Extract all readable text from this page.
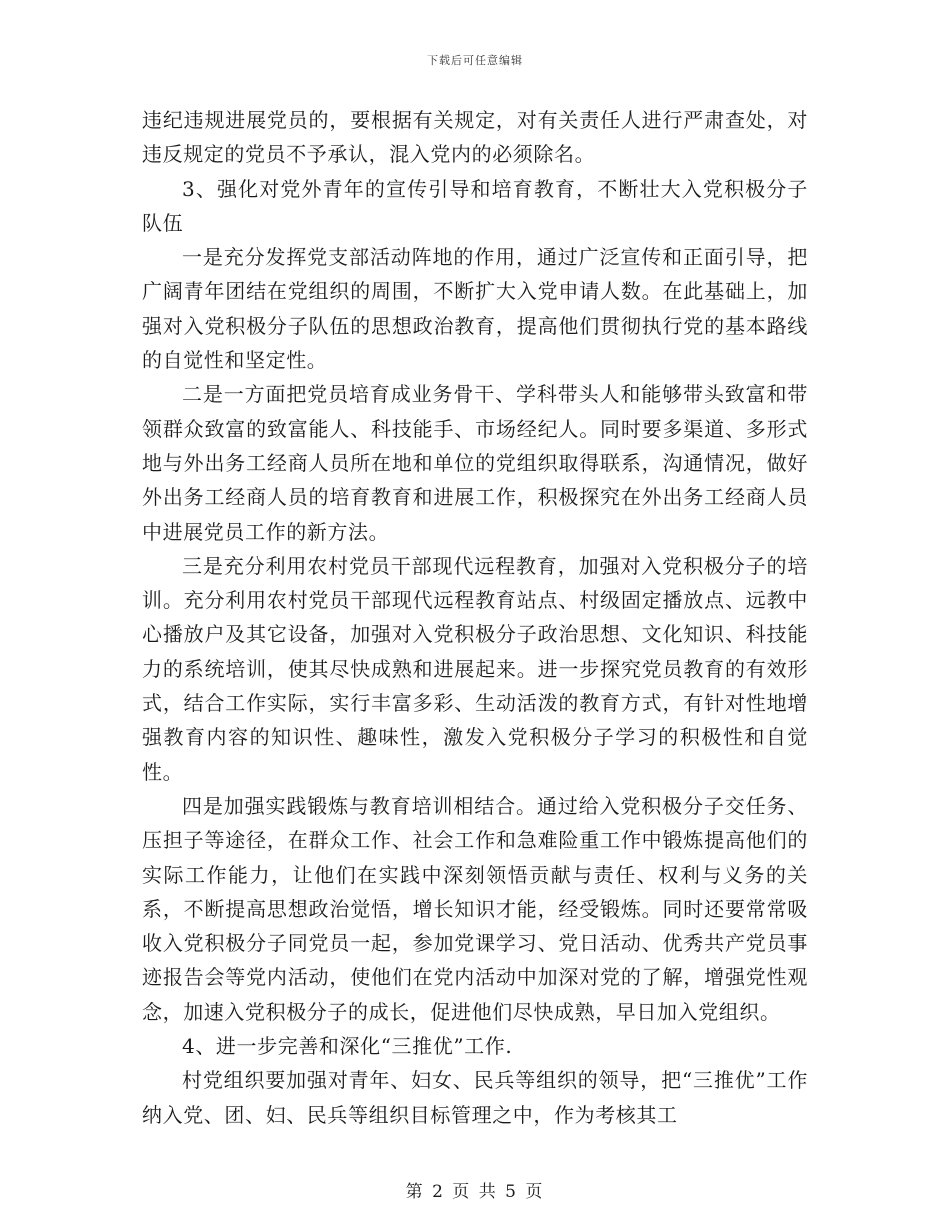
下载后可任意编辑

违纪违规进展党员的，要根据有关规定，对有关责任人进行严肃查处，对违反规定的党员不予承认，混入党内的必须除名。

3、强化对党外青年的宣传引导和培育教育，不断壮大入党积极分子队伍

一是充分发挥党支部活动阵地的作用，通过广泛宣传和正面引导，把广阔青年团结在党组织的周围，不断扩大入党申请人数。在此基础上，加强对入党积极分子队伍的思想政治教育，提高他们贯彻执行党的基本路线的自觉性和坚定性。

二是一方面把党员培育成业务骨干、学科带头人和能够带头致富和带领群众致富的致富能人、科技能手、市场经纪人。同时要多渠道、多形式地与外出务工经商人员所在地和单位的党组织取得联系，沟通情况，做好外出务工经商人员的培育教育和进展工作，积极探究在外出务工经商人员中进展党员工作的新方法。

三是充分利用农村党员干部现代远程教育，加强对入党积极分子的培训。充分利用农村党员干部现代远程教育站点、村级固定播放点、远教中心播放户及其它设备，加强对入党积极分子政治思想、文化知识、科技能力的系统培训，使其尽快成熟和进展起来。进一步探究党员教育的有效形式，结合工作实际，实行丰富多彩、生动活泼的教育方式，有针对性地增强教育内容的知识性、趣味性，激发入党积极分子学习的积极性和自觉性。

四是加强实践锻炼与教育培训相结合。通过给入党积极分子交任务、压担子等途径，在群众工作、社会工作和急难险重工作中锻炼提高他们的实际工作能力，让他们在实践中深刻领悟贡献与责任、权利与义务的关系，不断提高思想政治觉悟，增长知识才能，经受锻炼。同时还要常常吸收入党积极分子同党员一起，参加党课学习、党日活动、优秀共产党员事迹报告会等党内活动，使他们在党内活动中加深对党的了解，增强党性观念，加速入党积极分子的成长，促进他们尽快成熟，早日加入党组织。

4、进一步完善和深化“三推优”工作.

村党组织要加强对青年、妇女、民兵等组织的领导，把“三推优”工作纳入党、团、妇、民兵等组织目标管理之中，作为考核其工

第 2 页 共 5 页
